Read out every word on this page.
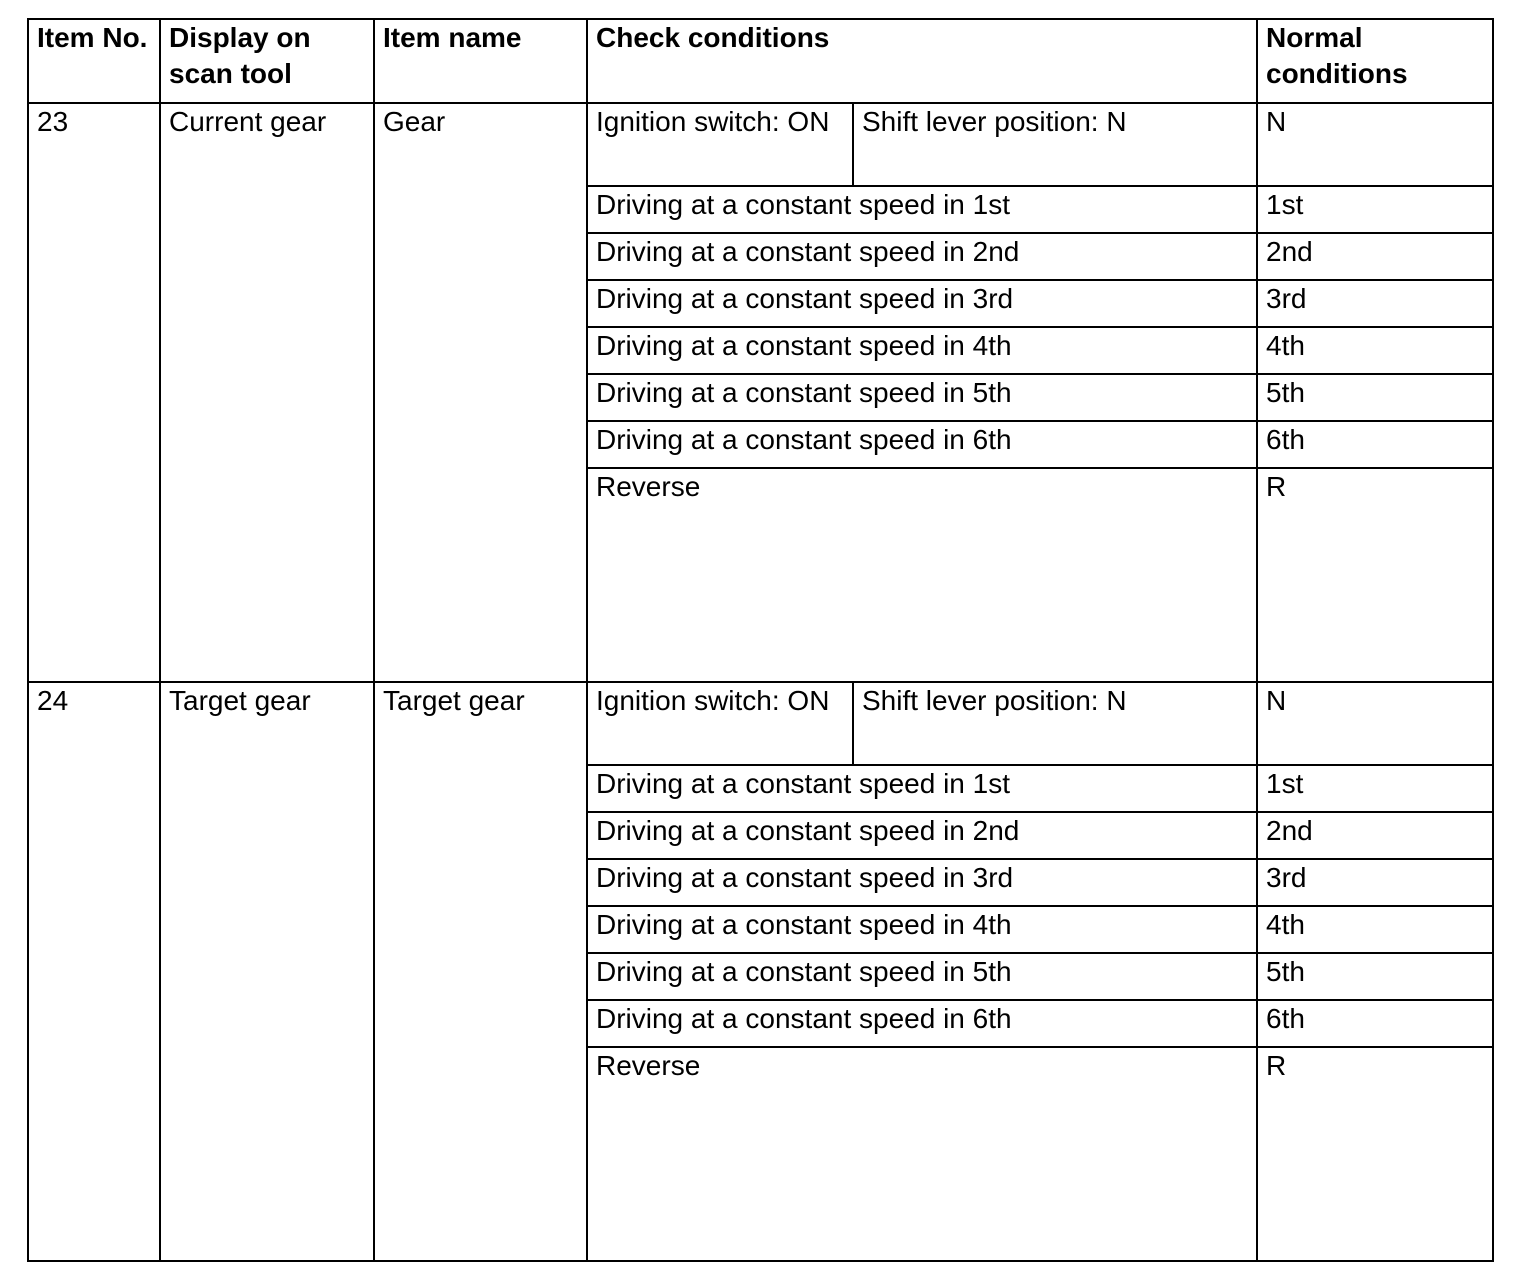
Item No.	Display on scan tool	Item name	Check conditions		Normal conditions
23	Current gear	Gear	Ignition switch: ON	Shift lever position: N	N
			Driving at a constant speed in 1st		1st
			Driving at a constant speed in 2nd		2nd
			Driving at a constant speed in 3rd		3rd
			Driving at a constant speed in 4th		4th
			Driving at a constant speed in 5th		5th
			Driving at a constant speed in 6th		6th
			Reverse		R
24	Target gear	Target gear	Ignition switch: ON	Shift lever position: N	N
			Driving at a constant speed in 1st		1st
			Driving at a constant speed in 2nd		2nd
			Driving at a constant speed in 3rd		3rd
			Driving at a constant speed in 4th		4th
			Driving at a constant speed in 5th		5th
			Driving at a constant speed in 6th		6th
			Reverse		R
